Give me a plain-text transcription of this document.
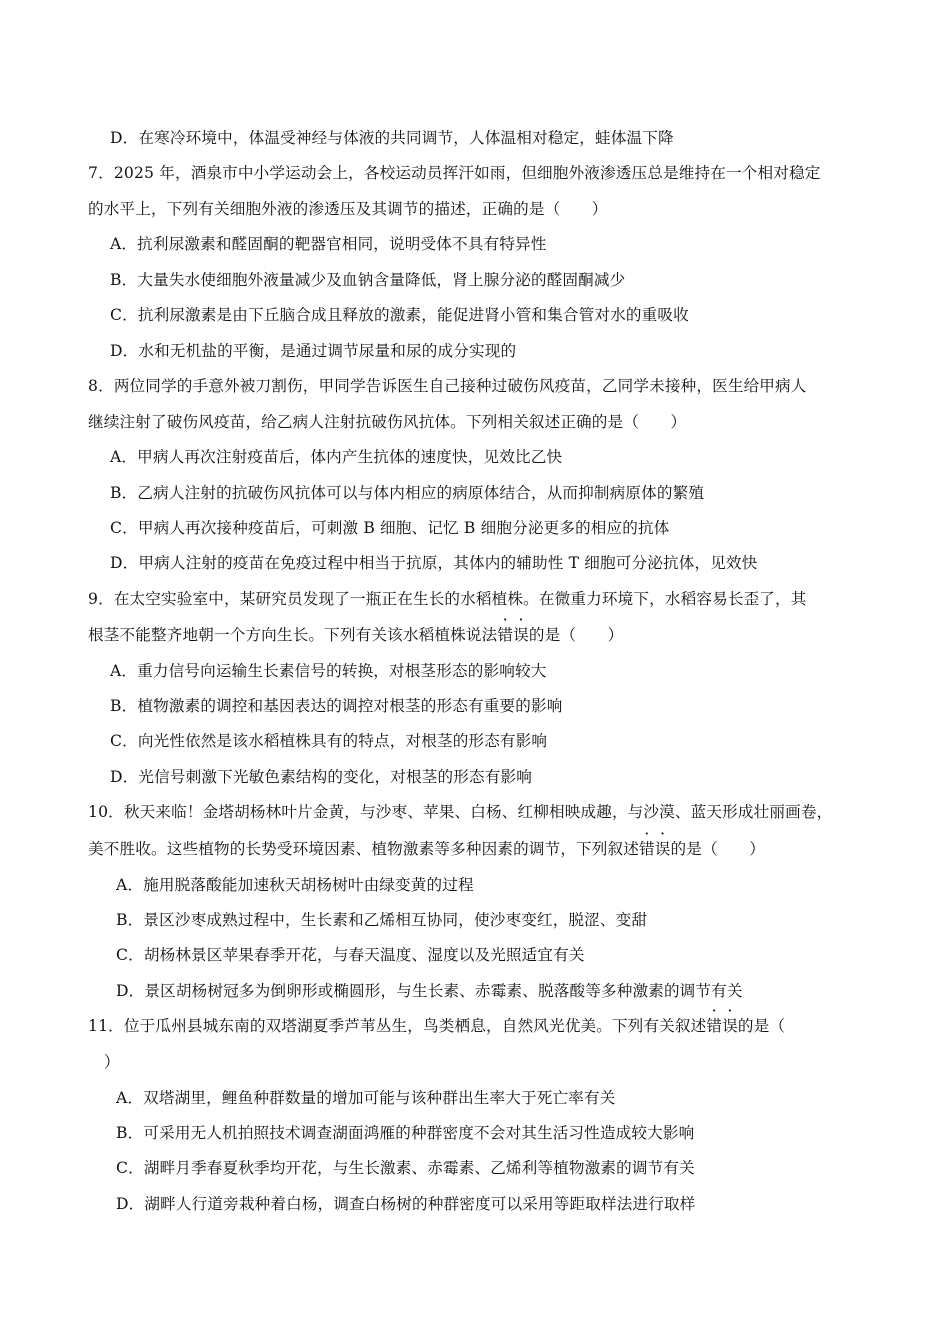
D．在寒冷环境中，体温受神经与体液的共同调节，人体温相对稳定，蛙体温下降
7．2025 年，酒泉市中小学运动会上，各校运动员挥汗如雨，但细胞外液渗透压总是维持在一个相对稳定
的水平上，下列有关细胞外液的渗透压及其调节的描述，正确的是（　　）
A．抗利尿激素和醛固酮的靶器官相同，说明受体不具有特异性
B．大量失水使细胞外液量减少及血钠含量降低，肾上腺分泌的醛固酮减少
C．抗利尿激素是由下丘脑合成且释放的激素，能促进肾小管和集合管对水的重吸收
D．水和无机盐的平衡，是通过调节尿量和尿的成分实现的
8．两位同学的手意外被刀割伤，甲同学告诉医生自己接种过破伤风疫苗，乙同学未接种，医生给甲病人
继续注射了破伤风疫苗，给乙病人注射抗破伤风抗体。下列相关叙述正确的是（　　）
A．甲病人再次注射疫苗后，体内产生抗体的速度快，见效比乙快
B．乙病人注射的抗破伤风抗体可以与体内相应的病原体结合，从而抑制病原体的繁殖
C．甲病人再次接种疫苗后，可刺激 B 细胞、记忆 B 细胞分泌更多的相应的抗体
D．甲病人注射的疫苗在免疫过程中相当于抗原，其体内的辅助性 T 细胞可分泌抗体，见效快
9．在太空实验室中，某研究员发现了一瓶正在生长的水稻植株。在微重力环境下，水稻容易长歪了，其
根茎不能整齐地朝一个方向生长。下列有关该水稻植株说法错误的是（　　）
A．重力信号向运输生长素信号的转换，对根茎形态的影响较大
B．植物激素的调控和基因表达的调控对根茎的形态有重要的影响
C．向光性依然是该水稻植株具有的特点，对根茎的形态有影响
D．光信号刺激下光敏色素结构的变化，对根茎的形态有影响
10．秋天来临！金塔胡杨林叶片金黄，与沙枣、苹果、白杨、红柳相映成趣，与沙漠、蓝天形成壮丽画卷，
美不胜收。这些植物的长势受环境因素、植物激素等多种因素的调节，下列叙述错误的是（　　）
A．施用脱落酸能加速秋天胡杨树叶由绿变黄的过程
B．景区沙枣成熟过程中，生长素和乙烯相互协同，使沙枣变红，脱涩、变甜
C．胡杨林景区苹果春季开花，与春天温度、湿度以及光照适宜有关
D．景区胡杨树冠多为倒卵形或椭圆形，与生长素、赤霉素、脱落酸等多种激素的调节有关
11．位于瓜州县城东南的双塔湖夏季芦苇丛生，鸟类栖息，自然风光优美。下列有关叙述错误的是（
）
A．双塔湖里，鲤鱼种群数量的增加可能与该种群出生率大于死亡率有关
B．可采用无人机拍照技术调查湖面鸿雁的种群密度不会对其生活习性造成较大影响
C．湖畔月季春夏秋季均开花，与生长激素、赤霉素、乙烯利等植物激素的调节有关
D．湖畔人行道旁栽种着白杨，调查白杨树的种群密度可以采用等距取样法进行取样
